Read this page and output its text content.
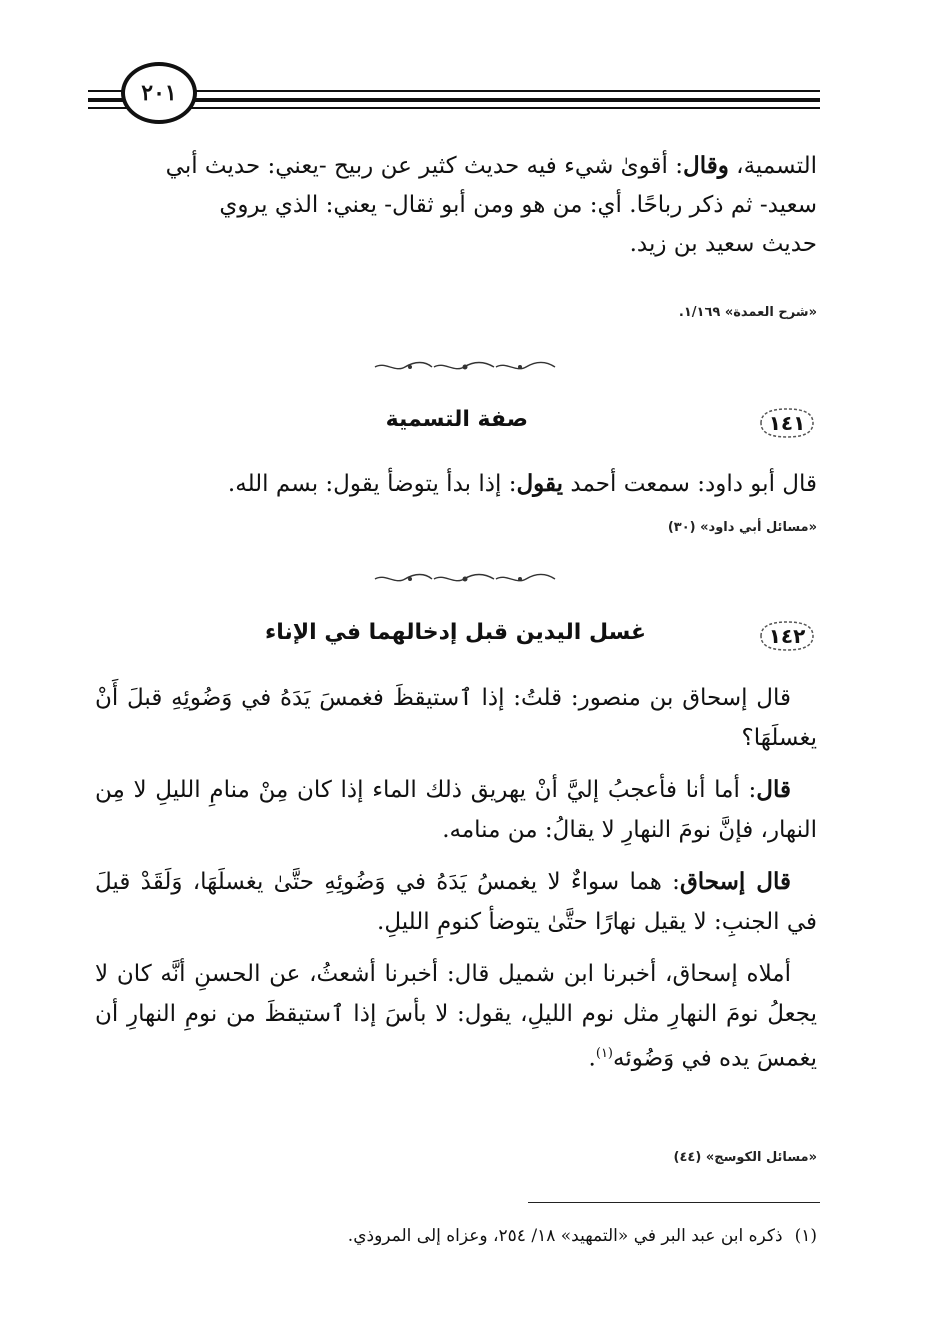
٢٠١

التسمية، وقال: أقوىٰ شيء فيه حديث كثير عن ربيح -يعني: حديث أبي

سعيد- ثم ذكر رباحًا. أي: من هو ومن أبو ثقال- يعني: الذي يروي

حديث سعيد بن زيد.

«شرح العمدة» ١/١٦٩.
١٤١
صفة التسمية

قال أبو داود: سمعت أحمد يقول: إذا بدأ يتوضأ يقول: بسم الله.

«مسائل أبي داود» (٣٠)
١٤٢
غسل اليدين قبل إدخالهما في الإناء

قال إسحاق بن منصور: قلتُ: إذا ٱستيقظَ فغمسَ يَدَهُ في وَضُوئِهِ قبلَ أَنْ يغسلَهَا؟

قال: أما أنا فأعجبُ إليَّ أنْ يهريق ذلك الماء إذا كان مِنْ منامِ الليلِ لا مِن النهار، فإنَّ نومَ النهارِ لا يقالُ: من منامه.

قال إسحاق: هما سواءٌ لا يغمسُ يَدَهُ في وَضُوئِهِ حتَّىٰ يغسلَهَا، وَلَقَدْ قيلَ في الجنبِ: لا يقيل نهارًا حتَّىٰ يتوضأ كنومِ الليلِ.

أملاه إسحاق، أخبرنا ابن شميل قال: أخبرنا أشعثُ، عن الحسنِ أنَّه كان لا يجعلُ نومَ النهارِ مثل نوم الليلِ، يقول: لا بأسَ إذا ٱستيقظَ من نومِ النهارِ أن يغمسَ يده في وَضُوئه$^{(١)}$.

«مسائل الكوسج» (٤٤)
(١)ذكره ابن عبد البر في «التمهيد» ١٨/ ٢٥٤، وعزاه إلى المروذي.
